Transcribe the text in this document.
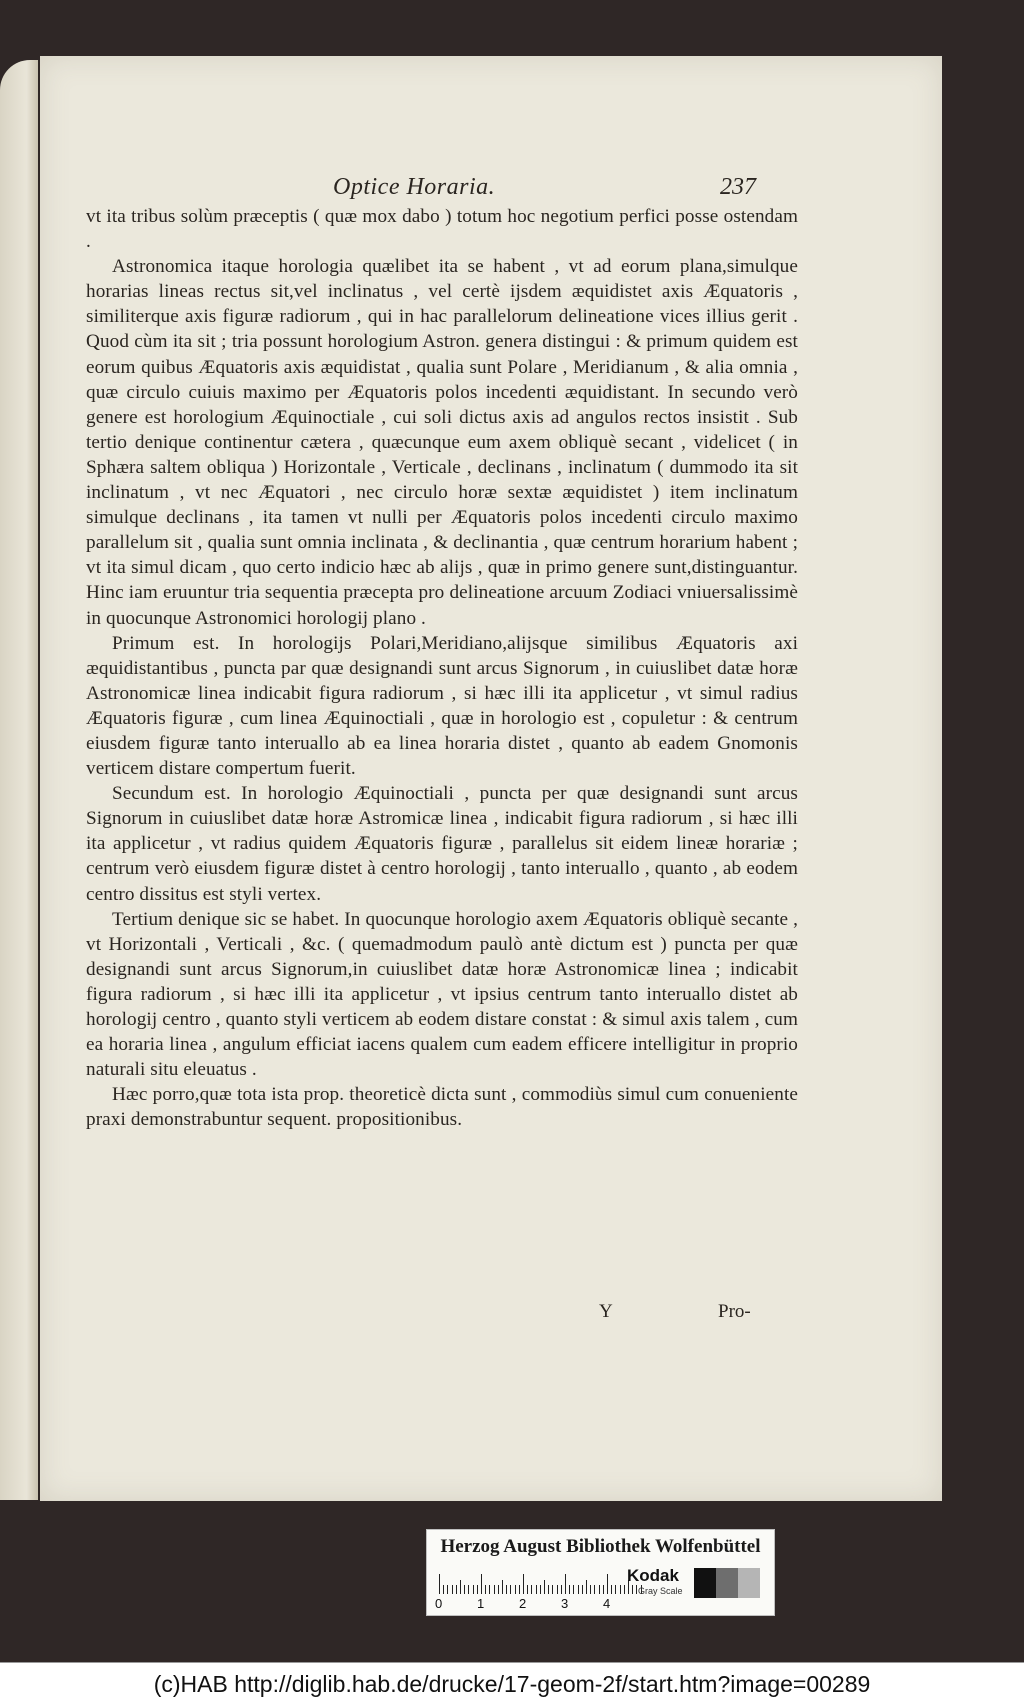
Optice Horaria.	237

vt ita tribus solùm præceptis ( quæ mox dabo ) totum hoc negotium perfici posse ostendam .

Astronomica itaque horologia quælibet ita se habent , vt ad eorum plana,simulque horarias lineas rectus sit,vel inclinatus , vel certè ijsdem æquidistet axis Æquatoris , similiterque axis figuræ radiorum , qui in hac parallelorum delineatione vices illius gerit . Quod cùm ita sit ; tria possunt horologium Astron. genera distingui : & primum quidem est eorum quibus Æquatoris axis æquidistat , qualia sunt Polare , Meridianum , & alia omnia , quæ circulo cuiuis maximo per Æquatoris polos incedenti æquidistant. In secundo verò genere est horologium Æquinoctiale , cui soli dictus axis ad angulos rectos insistit . Sub tertio denique continentur cætera , quæcunque eum axem obliquè secant , videlicet ( in Sphæra saltem obliqua ) Horizontale , Verticale , declinans , inclinatum ( dummodo ita sit inclinatum , vt nec Æquatori , nec circulo horæ sextæ æquidistet ) item inclinatum simulque declinans , ita tamen vt nulli per Æquatoris polos incedenti circulo maximo parallelum sit , qualia sunt omnia inclinata , & declinantia , quæ centrum horarium habent ; vt ita simul dicam , quo certo indicio hæc ab alijs , quæ in primo genere sunt,distinguantur. Hinc iam eruuntur tria sequentia præcepta pro delineatione arcuum Zodiaci vniuersalissimè in quocunque Astronomici horologij plano .

Primum est. In horologijs Polari,Meridiano,alijsque similibus Æquatoris axi æquidistantibus , puncta par quæ designandi sunt arcus Signorum , in cuiuslibet datæ horæ Astronomicæ linea indicabit figura radiorum , si hæc illi ita applicetur , vt simul radius Æquatoris figuræ , cum linea Æquinoctiali , quæ in horologio est , copuletur : & centrum eiusdem figuræ tanto interuallo ab ea linea horaria distet , quanto ab eadem Gnomonis verticem distare compertum fuerit.

Secundum est. In horologio Æquinoctiali , puncta per quæ designandi sunt arcus Signorum in cuiuslibet datæ horæ Astromicæ linea , indicabit figura radiorum , si hæc illi ita applicetur , vt radius quidem Æquatoris figuræ , parallelus sit eidem lineæ horariæ ; centrum verò eiusdem figuræ distet à centro horologij , tanto interuallo , quanto , ab eodem centro dissitus est styli vertex.

Tertium denique sic se habet. In quocunque horologio axem Æquatoris obliquè secante , vt Horizontali , Verticali , &c. ( quemadmodum paulò antè dictum est ) puncta per quæ designandi sunt arcus Signorum,in cuiuslibet datæ horæ Astronomicæ linea ; indicabit figura radiorum , si hæc illi ita applicetur , vt ipsius centrum tanto interuallo distet ab horologij centro , quanto styli verticem ab eodem distare constat : & simul axis talem , cum ea horaria linea , angulum efficiat iacens qualem cum eadem efficere intelligitur in proprio naturali situ eleuatus .

Hæc porro,quæ tota ista prop. theoreticè dicta sunt , commodiùs simul cum conueniente praxi demonstrabuntur sequent. propositionibus.

Y	Pro-
Herzog August Bibliothek Wolfenbüttel
0	1	2	3	4
Kodak
Gray Scale
(c)HAB http://diglib.hab.de/drucke/17-geom-2f/start.htm?image=00289
